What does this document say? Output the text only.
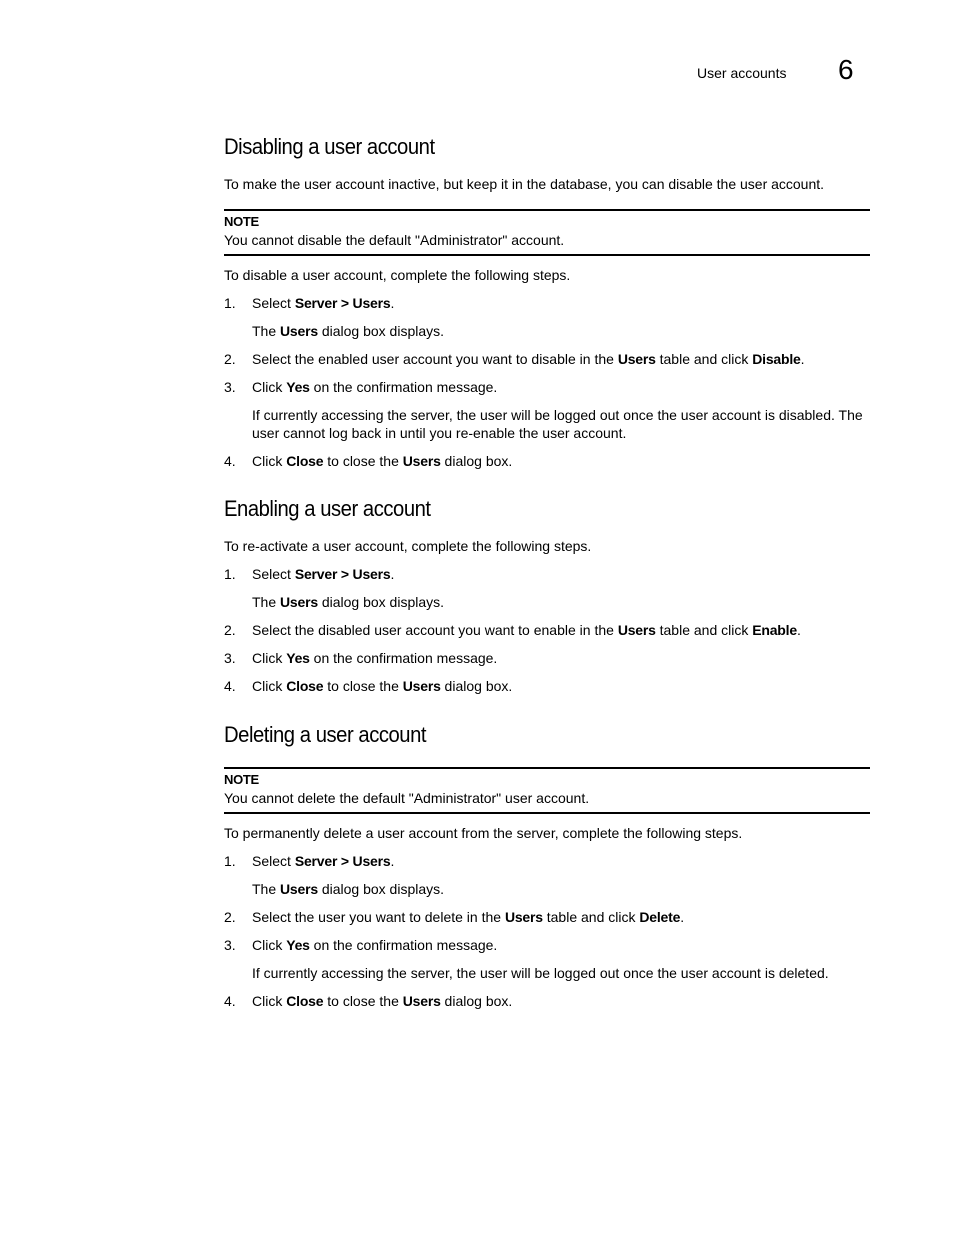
User accounts 6
Disabling a user account

To make the user account inactive, but keep it in the database, you can disable the user account.

NOTE
You cannot disable the default "Administrator" account.

To disable a user account, complete the following steps.

1. Select Server > Users.
The Users dialog box displays.
2. Select the enabled user account you want to disable in the Users table and click Disable.
3. Click Yes on the confirmation message.
If currently accessing the server, the user will be logged out once the user account is disabled. The user cannot log back in until you re-enable the user account.
4. Click Close to close the Users dialog box.
Enabling a user account

To re-activate a user account, complete the following steps.

1. Select Server > Users.
The Users dialog box displays.
2. Select the disabled user account you want to enable in the Users table and click Enable.
3. Click Yes on the confirmation message.
4. Click Close to close the Users dialog box.
Deleting a user account
NOTE
You cannot delete the default "Administrator" user account.

To permanently delete a user account from the server, complete the following steps.

1. Select Server > Users.
The Users dialog box displays.
2. Select the user you want to delete in the Users table and click Delete.
3. Click Yes on the confirmation message.
If currently accessing the server, the user will be logged out once the user account is deleted.
4. Click Close to close the Users dialog box.
